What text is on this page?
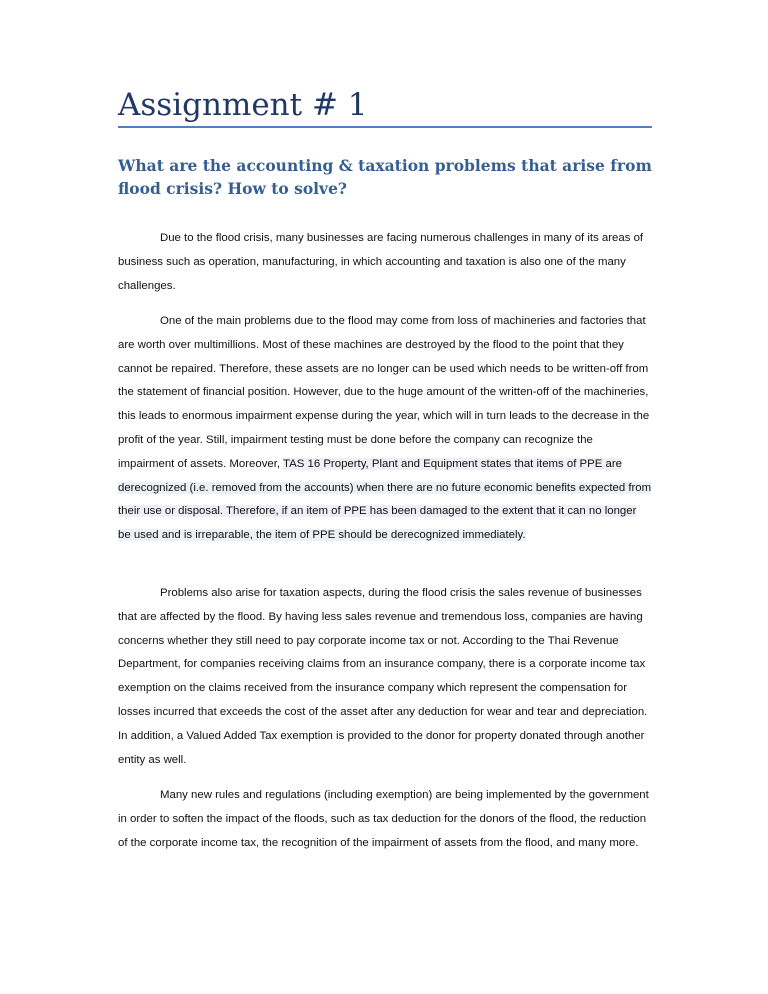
Assignment # 1
What are the accounting & taxation problems that arise from flood crisis? How to solve?

Due to the flood crisis, many businesses are facing numerous challenges in many of its areas of business such as operation, manufacturing, in which accounting and taxation is also one of the many challenges.

One of the main problems due to the flood may come from loss of machineries and factories that are worth over multimillions. Most of these machines are destroyed by the flood to the point that they cannot be repaired. Therefore, these assets are no longer can be used which needs to be written-off from the statement of financial position. However, due to the huge amount of the written-off of the machineries, this leads to enormous impairment expense during the year, which will in turn leads to the decrease in the profit of the year. Still, impairment testing must be done before the company can recognize the impairment of assets. Moreover, TAS 16 Property, Plant and Equipment states that items of PPE are derecognized (i.e. removed from the accounts) when there are no future economic benefits expected from their use or disposal. Therefore, if an item of PPE has been damaged to the extent that it can no longer be used and is irreparable, the item of PPE should be derecognized immediately.

Problems also arise for taxation aspects, during the flood crisis the sales revenue of businesses that are affected by the flood. By having less sales revenue and tremendous loss, companies are having concerns whether they still need to pay corporate income tax or not. According to the Thai Revenue Department, for companies receiving claims from an insurance company, there is a corporate income tax exemption on the claims received from the insurance company which represent the compensation for losses incurred that exceeds the cost of the asset after any deduction for wear and tear and depreciation. In addition, a Valued Added Tax exemption is provided to the donor for property donated through another entity as well.

Many new rules and regulations (including exemption) are being implemented by the government in order to soften the impact of the floods, such as tax deduction for the donors of the flood, the reduction of the corporate income tax, the recognition of the impairment of assets from the flood, and many more.
